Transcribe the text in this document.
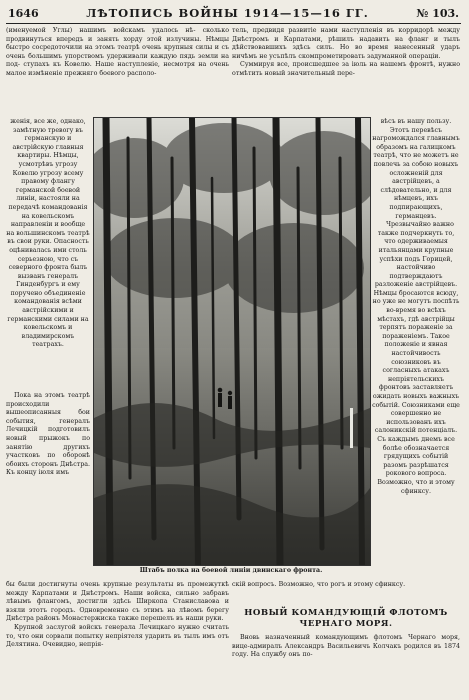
1646	ЛѢТОПИСЬ ВОЙНЫ 1914—15—16 ГГ.	№ 103.

(именуемой Углы) нашимъ войскамъ удалось нѣ- сколько продвинуться впередъ и занять хорду этой излучины. Нѣмцы быстро сосредоточили на этомъ театрѣ очень крупныя силы и съ очень большимъ упорствомъ удерживали каждую пядь земли на под- ступахъ къ Ковелю. Наше наступленіе, несмотря на очень малое измѣненіе прежняго боевого располо-

тель, предвидя развитіе нами наступленія въ корридорѣ между Днѣстромъ и Карпатами, рѣшилъ надавить на фланг и тылъ дѣйствовавшихъ здѣсь силъ. Но во время нанесенный ударъ ничѣмъ не усъпѣлъ скомпрометировать задуманной операціи.

Суммируя все, происшедшее за іюль на нашемъ фронтѣ, нужно отмѣтить новый значительный пере-

женія, все же, однако, замѣтную тревогу въ германскую и австрійскую главныя квартиры. Нѣмцы, усмотрѣвъ угрозу Ковелю угрозу всему правому флангу германской боевой линіи, настояли на передачѣ командованія на ковельскомъ направленіи и вообще на вольшинскомъ театрѣ въ свои руки. Опасность оцѣнивалась ими столь серьезною, что съ северного фронта былъ вызванъ генералъ Гинденбургъ и ему поручено объединеніе командованія всѣми австрійскими и германскими силами на ковельскомъ и владимирскомъ театрахъ.

Пока на этомъ театрѣ происходили вышеописанныя бои события, генералъ Лечицкій подготовилъ новый прыжокъ по занятію другихъ участковъ по оборонѣ обоихъ сторонъ Днѣстра. Къ концу іюля имъ

Штабъ полка на боевой линіи двинскаго фронта.

вѣсъ въ нашу пользу. Этотъ перевѣсъ нагромождался главнымъ образомъ на галицкомъ театрѣ, что не можетъ не повлечь за собою новыхъ осложненій для австрійцевъ, а слѣдовательно, и для нѣмцевъ, ихъ подпирающихъ, германцевъ.

Чрезвычайно важно также подчеркнуть то, что одерживаемыя итальянцами крупные успѣхи подъ Горицей, настойчиво подтверждаютъ разложеніе австрійцевъ. Нѣмцы бросаются всюду, но уже не могутъ поспѣть во-время во всѣхъ мѣстахъ, гдѣ австрійцы терпятъ пораженіе за пораженіемъ. Такое положеніе и явная настойчивость союзниковъ въ согласныхъ атакахъ непріятельскихъ фронтовъ заставляетъ ожидать новыхъ важныхъ событій. Союзниками еще совершенно не использованъ ихъ салоникскій потенціалъ. Съ каждымъ днемъ все болѣе обозначается грядущихъ событій разомъ разрѣшатся рокового вопроса. Возможно, что и этому сфинксу.

бы были достигнуты очень крупные результаты въ промежуткѣ между Карпатами и Днѣстромъ. Наши войска, сильно забравъ лѣвымъ флангомъ, достигли здѣсь Ширкопа Станиславова и взяли этотъ городъ. Одновременно съ этимъ на лѣвомъ берегу Днѣстра районъ Монастержиска также перешелъ въ наши руки.

Крупной заслугой войскъ генерала Лечицкаго нужно считать то, что они сорвали попытку непріятеля ударить въ тылъ имъ отъ Делятина. Очевидно, непрія-

скій вопросъ. Возможно, что рогъ и этому сфинксу.

НОВЫЙ КОМАНДУЮЩІЙ ФЛОТОМЪ ЧЕРНАГО МОРЯ.

Вновь назначенный командующимъ флотомъ Чернаго моря, вице-адмиралъ Александръ Васильевичъ Колчакъ родился въ 1874 году. На службу онъ по-
